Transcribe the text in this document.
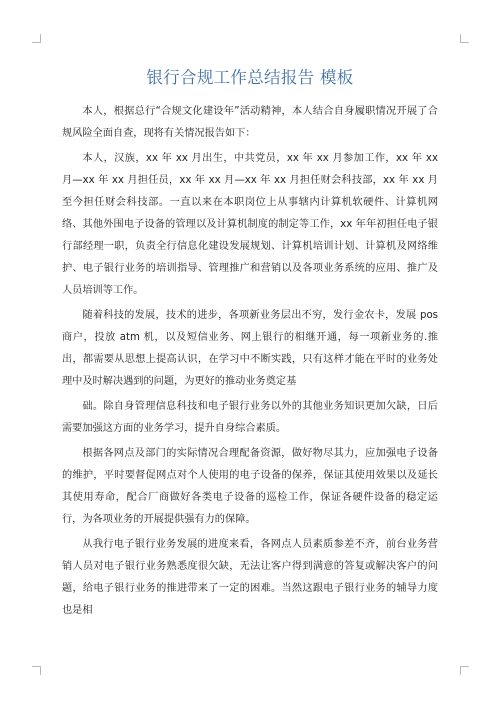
银行合规工作总结报告 模板

本人，根据总行“合规文化建设年”活动精神，本人结合自身履职情况开展了合规风险全面自查，现将有关情况报告如下：

本人，汉族，xx 年 xx 月出生，中共党员，xx 年 xx 月参加工作，xx 年 xx 月—xx 年 xx 月担任员，xx 年 xx 月—xx 年 xx 月担任财会科技部，xx 年 xx 月至今担任财会科技部。一直以来在本职岗位上从事辖内计算机软硬件、计算机网络、其他外围电子设备的管理以及计算机制度的制定等工作，xx 年年初担任电子银行部经理一职，负责全行信息化建设发展规划、计算机培训计划、计算机及网络维护、电子银行业务的培训指导、管理推广和营销以及各项业务系统的应用、推广及人员培训等工作。

随着科技的发展，技术的进步，各项新业务层出不穷，发行金农卡，发展 pos 商户，投放 atm 机，以及短信业务、网上银行的相继开通，每一项新业务的.推出，都需要从思想上提高认识，在学习中不断实践，只有这样才能在平时的业务处理中及时解决遇到的问题，为更好的推动业务奠定基

础。除自身管理信息科技和电子银行业务以外的其他业务知识更加欠缺，日后需要加强这方面的业务学习，提升自身综合素质。

根据各网点及部门的实际情况合理配备资源，做好物尽其力，应加强电子设备的维护，平时要督促网点对个人使用的电子设备的保养，保证其使用效果以及延长其使用寿命，配合厂商做好各类电子设备的巡检工作，保证各硬件设备的稳定运行，为各项业务的开展提供强有力的保障。

从我行电子银行业务发展的进度来看，各网点人员素质参差不齐，前台业务营销人员对电子银行业务熟悉度很欠缺，无法让客户得到满意的答复或解决客户的问题，给电子银行业务的推进带来了一定的困难。当然这跟电子银行业务的辅导力度也是相
